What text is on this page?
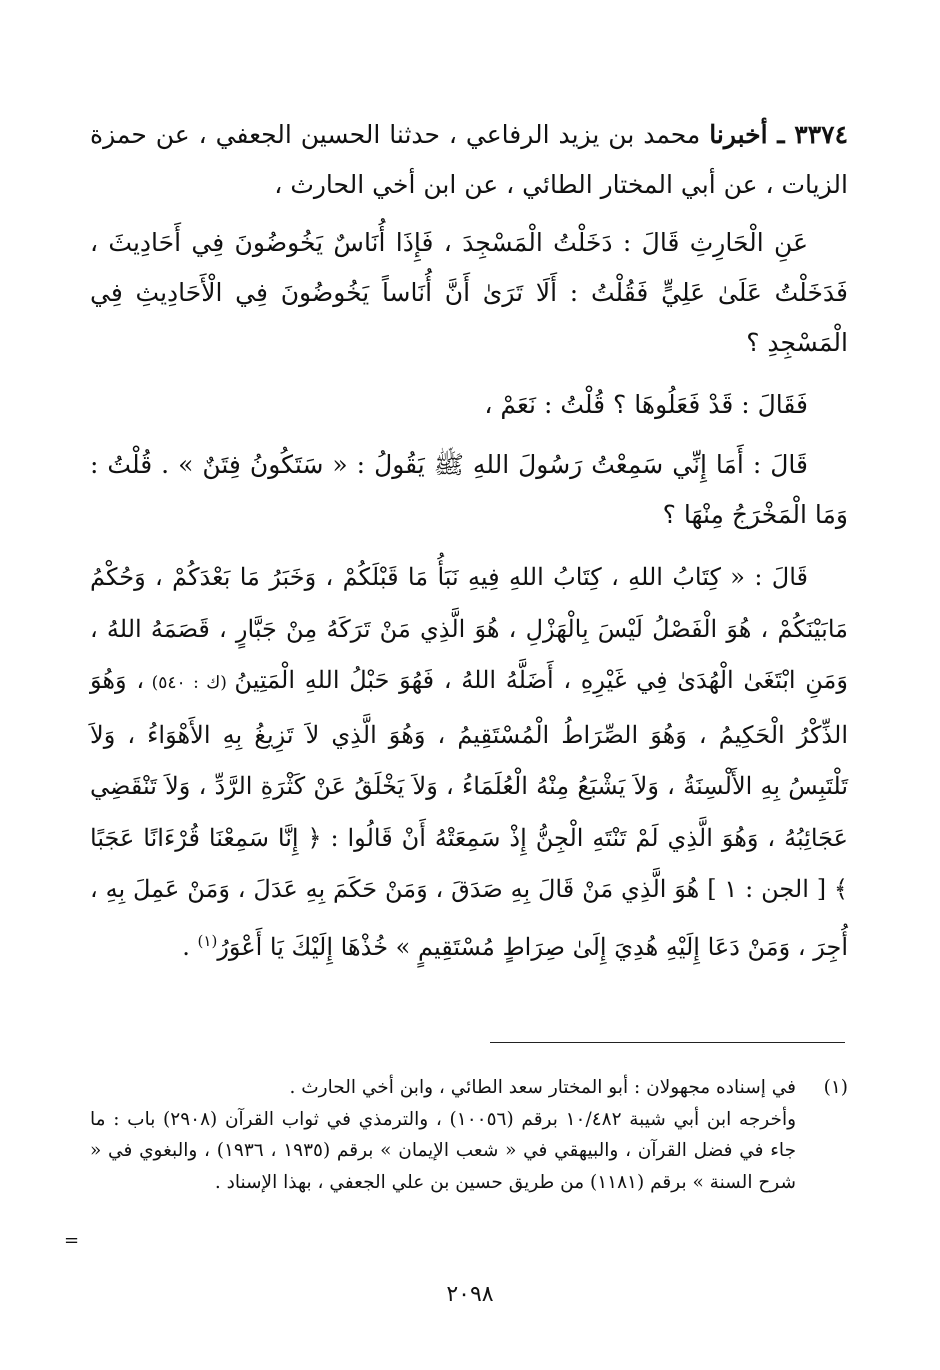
٣٣٧٤ ـ أخبرنا محمد بن يزيد الرفاعي ، حدثنا الحسين الجعفي ، عن حمزة الزيات ، عن أبي المختار الطائي ، عن ابن أخي الحارث ،
عَنِ الْحَارِثِ قَالَ : دَخَلْتُ الْمَسْجِدَ ، فَإِذَا أُنَاسٌ يَخُوضُونَ فِي أَحَادِيثَ ، فَدَخَلْتُ عَلَىٰ عَلِيٍّ فَقُلْتُ : أَلَا تَرَىٰ أَنَّ أُنَاساً يَخُوضُونَ فِي الْأَحَادِيثِ فِي الْمَسْجِدِ ؟
فَقَالَ : قَدْ فَعَلُوهَا ؟ قُلْتُ : نَعَمْ ،
قَالَ : أَمَا إِنِّي سَمِعْتُ رَسُولَ اللهِ ﷺ يَقُولُ : « سَتَكُونُ فِتَنٌ » . قُلْتُ : وَمَا الْمَخْرَجُ مِنْهَا ؟
قَالَ : « كِتَابُ اللهِ ، كِتَابُ اللهِ فِيهِ نَبَأُ مَا قَبْلَكُمْ ، وَخَبَرُ مَا بَعْدَكُمْ ، وَحُكْمُ مَابَيْنَكُمْ ، هُوَ الْفَصْلُ لَيْسَ بِالْهَزْلِ ، هُوَ الَّذِي مَنْ تَرَكَهُ مِنْ جَبَّارٍ ، قَصَمَهُ اللهُ ، وَمَنِ ابْتَغَىٰ الْهُدَىٰ فِي غَيْرِهِ ، أَضَلَّهُ اللهُ ، فَهُوَ حَبْلُ اللهِ الْمَتِينُ (ك : ٥٤٠) ، وَهُوَ الذِّكْرُ الْحَكِيمُ ، وَهُوَ الصِّرَاطُ الْمُسْتَقِيمُ ، وَهُوَ الَّذِي لاَ تَزِيغُ بِهِ الأَهْوَاءُ ، وَلاَ تَلْتَبِسُ بِهِ الأَلْسِنَةُ ، وَلاَ يَشْبَعُ مِنْهُ الْعُلَمَاءُ ، وَلاَ يَخْلَقُ عَنْ كَثْرَةِ الرَّدِّ ، وَلاَ تَنْقَضِي عَجَائِبُهُ ، وَهُوَ الَّذِي لَمْ تَنْتَهِ الْجِنُّ إِذْ سَمِعَتْهُ أَنْ قَالُوا : ﴿ إِنَّا سَمِعْنَا قُرْءَانًا عَجَبًا ﴾ [ الجن : ١ ] هُوَ الَّذِي مَنْ قَالَ بِهِ صَدَقَ ، وَمَنْ حَكَمَ بِهِ عَدَلَ ، وَمَنْ عَمِلَ بِهِ ، أُجِرَ ، وَمَنْ دَعَا إِلَيْهِ هُدِيَ إِلَىٰ صِرَاطٍ مُسْتَقِيمٍ » خُذْهَا إِلَيْكَ يَا أَعْوَرُ$^{(١)}$ .
(١)
في إسناده مجهولان : أبو المختار سعد الطائي ، وابن أخي الحارث .
وأخرجه ابن أبي شيبة ١٠/٤٨٢ برقم (١٠٠٥٦) ، والترمذي في ثواب القرآن (٢٩٠٨) باب : ما جاء في فضل القرآن ، والبيهقي في « شعب الإيمان » برقم (١٩٣٥ ، ١٩٣٦) ، والبغوي في « شرح السنة » برقم (١١٨١) من طريق حسين بن علي الجعفي ، بهذا الإسناد .
=
٢٠٩٨
